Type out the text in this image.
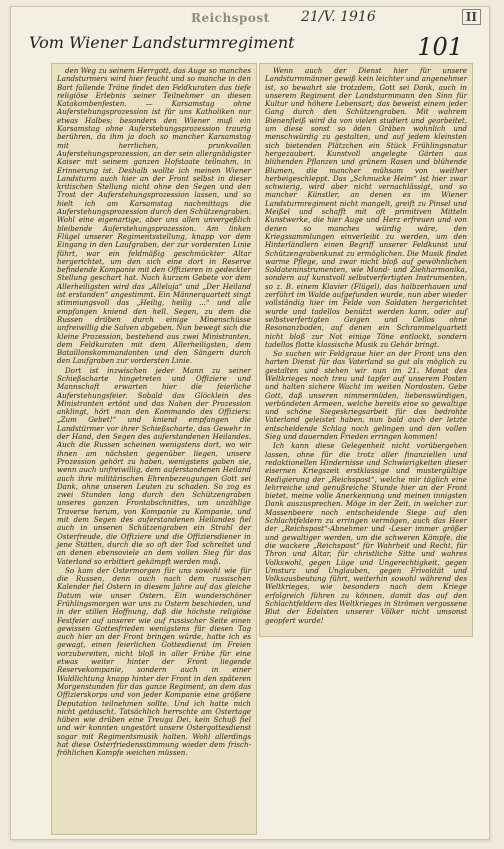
Reichspost 21/V. 1916	II
Vom Wiener Landsturmregiment	101

den Weg zu seinem Herrgott, das Auge so manches Landsturmers wird hier feucht und so manche in den Bart fallende Träne findet den Feldkuraten das tiefe religiöse Erlebnis seiner Teilnehmer an diesen Katakombenfesten. — Karsamstag ohne Auferstehungsprozession ist für uns Katholiken nur etwas Halbes; besonders den Wiener muß ein Karsamstag ohne Auferstehungsprozession traurig berühren, da ihm ja doch so mancher Karsamstag mit herrlichen, prunkvollen Auferstehungsprozession, an der sein allergnädigster Kaiser mit seinem ganzen Hofstaate teilnahm, in Erinnerung ist. Deshalb wollte ich meinen Wiener Landsturm auch hier an der Front selbst in dieser kritischen Stellung nicht ohne den Segen und den Trost der Auferstehungsprozession lassen, und so hielt ich am Karsamstag nachmittags die Auferstehungsprozession durch den Schützengraben. Wohl eine eigenartige, aber uns allen unvergeßlich bleibende Auferstehungsprozession. Am linken Flügel unserer Regimentsstellung, knapp vor dem Eingang in den Laufgraben, der zur vordersten Linie führt, war ein feldmäßig geschmückter Altar hergerichtet, um den sich eine dort in Reserve befindende Kompanie mit den Offizieren in gedeckter Stellung geschart hat. Nach kurzem Gebete vor dem Allerheiligsten wird das „Alleluja“ und „Der Heiland ist erstanden“ angestimmt. Ein Männerquartett singt stimmungsvoll das „Heilig, heilig ...“ und alle empfangen kniend den hell. Segen, zu dem die Russen drüben durch einige Minenschüsse unfreiwillig die Salven abgeben. Nun bewegt sich die kleine Prozession, bestehend aus zwei Ministranten, dem Feldkuraten mit dem Allerheiligsten, dem Bataillonskommandanten und den Sängern durch den Laufgraben zur vordersten Linie.

Dort ist inzwischen jeder Mann zu seiner Schießscharte hingetreten und Offiziere und Mannschaft erwarten hier die feierliche Auferstehungsfeier. Sobald das Glöcklein des Ministranten ertönt und das Nahen der Prozession anklingt, hört man den Kommando des Offiziers: „Zum Gebet!“ und kniend empfangen die Landstürmer vor ihrer Schießscharte, das Gewehr in der Hand, den Segen des auferstandenen Heilandes. Auch die Russen scheinen wenigstens dort, wo wir ihnen am nächsten gegenüber liegen, unsere Prozession gehört zu haben, wenigstens gaben sie, wenn auch unfreiwillig, dem auferstandenen Heiland auch ihre militärischen Ehrenbezeugungen Gott sei Dank, ohne unseren Leuten zu schaden. So zog es zwei Stunden lang durch den Schützengraben unseres ganzen Frontabschnittes, um unzählige Traverse herum, von Kompanie zu Kompanie, und mit dem Segen des auferstandenen Heilandes fiel auch in unseren Schützengraben ein Strahl der Osterfreude, die Offiziere und die Offiziersdiener in jene Stätten, durch die so oft der Tod schreitet und an denen ebensoviele an dem vollen Sieg für das Vaterland so erbittert gekämpft werden muß.

So kam der Ostermorgen für uns sowohl wie für die Russen, denn auch nach dem russischen Kalender fiel Ostern in diesem Jahre auf das gleiche Datum wie unser Ostern. Ein wunderschöner Frühlingsmorgen war uns zu Ostern beschieden, und in der stillen Hoffnung, daß die höchste religiöse Festfeier auf unserer wie auf russischer Seite einen gewissen Gottesfrieden wenigstens für diesen Tag auch hier an der Front bringen würde, hatte ich es gewagt, einen feierlichen Gottesdienst im Freien vorzubereiten, nicht bloß in aller Frühe für eine etwas weiter hinter der Front liegende Reservekompanie, sondern auch in einer Waldlichtung knapp hinter der Front in den späteren Morgenstunden für das ganze Regiment, an dem das Offizierskorps und von jeder Kompanie eine größere Deputation teilnehmen sollte. Und ich hatte mich nicht getäuscht. Tatsächlich herrschte am Ostertage hüben wie drüben eine Treuga Dei, kein Schuß fiel und wir konnten ungestört unsere Ostergottesdienst sogar mit Regimentsmusik halten. Wohl allerdings hat diese Osterfriedensstimmung wieder dem frisch-fröhlichen Kampfe weichen müssen.

Wenn auch der Dienst hier für unsere Landsturmmänner gewiß kein leichter und angenehmer ist, so bewahrt sie trotzdem, Gott sei Dank, auch in unserem Regiment der Landsturmmann den Sinn für Kultur und höhere Lebensart; das beweist einem jeder Gang durch den Schützengraben. Mit wahrem Bienenfleiß wird da von vielen studiert und gearbeitet, um diese sonst so öden Gräben wohnlich und menschwürdig zu gestalten, und auf jedem kleinsten sich bietenden Plätzchen ein Stück Frühlingsnatur hergezaubert. Kunstvoll angelegte Gärten aus blühenden Pflanzen und grünem Rasen und blühende Blumen, die mancher mühsam von weither herbeigeschleppt. Das „Schmucke Heim“ ist hier zwar schwierig, wird aber nicht vernachlässigt, und so mancher Künstler, an denen es im Wiener Landsturmregiment nicht mangelt, greift zu Pinsel und Meißel und schafft mit oft primitiven Mitteln Kunstwerke, die hier Auge und Herz erfreuen und von denen so manches würdig wäre, den Kriegssammlungen einverleibt zu werden, um den Hinterländlern einen Begriff unserer Feldkunst und Schützengrabenkunst zu ermöglichen. Die Musik findet warme Pflege, und zwar nicht bloß auf gewöhnlichen Soldateninstrumenten, wie Mund- und Ziehharmonika, sondern auf kunstvoll selbstverfertigten Instrumenten, so z. B. einem Klavier (Flügel), das halbzerhauen und zerführt im Walde aufgefunden wurde, nun aber wieder vollständig hier im Felde von Soldaten hergerichtet wurde und tadellos benützt werden kann, oder auf selbstverfertigten Geigen und Cellos ohne Resonanzboden, auf denen ein Schrammelquartett nicht bloß zur Not einige Töne entlockt, sondern tadellos flotte klassische Musik zu Gehör bringt.

So suchen wir Feldgraue hier an der Front uns den harten Dienst für das Vaterland so gut als möglich zu gestalten und stehen wir nun im 21. Monat des Weltkrieges noch treu und tapfer auf unserem Posten und halten sichere Wacht im weiten Nordosten. Gebe Gott, daß unseren nimmermüden, liebenswürdigen, verbündeten Armeen, welche bereits eine so gewaltige und schöne Siegeskriegsarbeit für das bedrohte Vaterland geleistet haben, nun bald auch der letzte entscheidende Schlag noch gelingen und den vollen Sieg und dauernden Frieden erringen kommen!

Ich kann diese Gelegenheit nicht vorübergehen lassen, ohne für die trotz aller finanziellen und redaktionellen Hindernisse und Schwierigkeiten dieser eisernen Kriegszeit erstklassige und mustergültige Redigierung der „Reichspost“, welche mir täglich eine lehrreiche und genußreiche Stunde hier an der Front bietet, meine volle Anerkennung und meinen innigsten Dank auszusprechen. Möge in der Zeit, in welcher zur Massenbeere noch entscheidende Siege auf den Schlachtfeldern zu erringen vermögen, auch das Heer der „Reichspost“-Abnehmer und -Leser immer größer und gewaltiger werden, um die schweren Kämpfe, die die wackere „Reichspost“ für Wahrheit und Recht, für Thron und Altar, für christliche Sitte und wahres Volkswohl, gegen Lüge und Ungerechtigkeit, gegen Umsturz und Unglauben, gegen Frivolität und Volksausbeutung führt, weiterhin sowohl während des Weltkrieges, wie besonders nach dem Kriege erfolgreich führen zu können, damit das auf den Schlachtfeldern des Weltkrieges in Strömen vergossene Blut der Edelsten unserer Völker nicht umsonst geopfert wurde!
